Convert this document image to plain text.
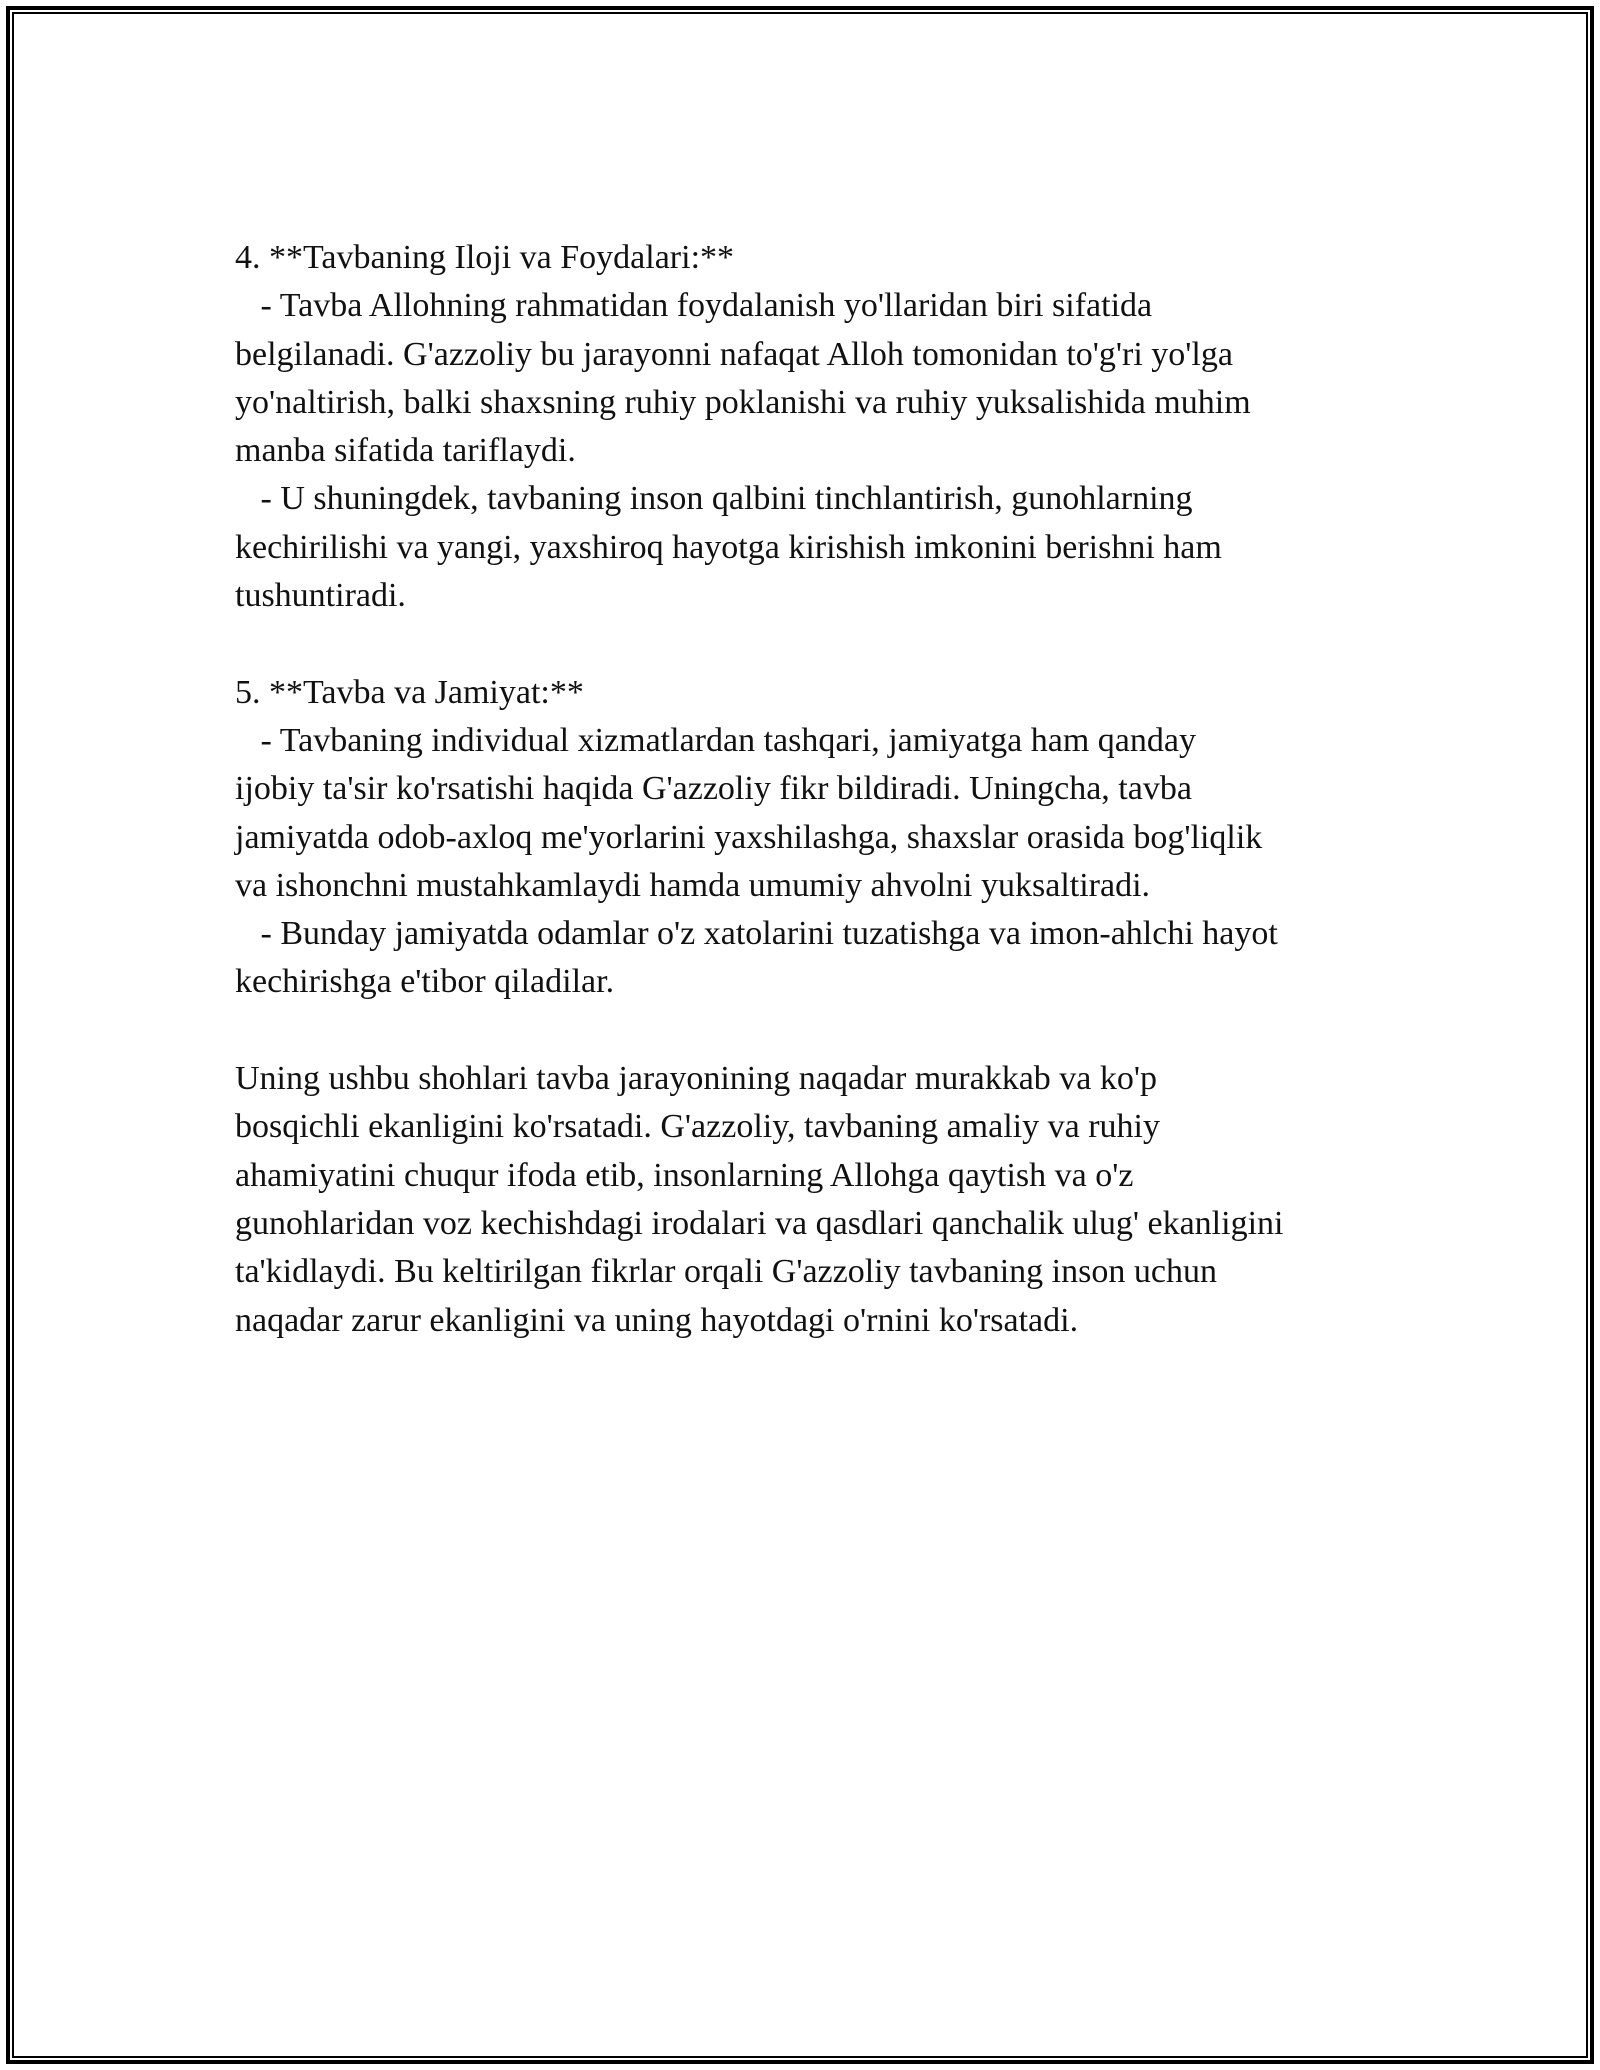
4. **Tavbaning Iloji va Foydalari:**
- Tavba Allohning rahmatidan foydalanish yo'llaridan biri sifatida
belgilanadi. G'azzoliy bu jarayonni nafaqat Alloh tomonidan to'g'ri yo'lga
yo'naltirish, balki shaxsning ruhiy poklanishi va ruhiy yuksalishida muhim
manba sifatida tariflaydi.
- U shuningdek, tavbaning inson qalbini tinchlantirish, gunohlarning
kechirilishi va yangi, yaxshiroq hayotga kirishish imkonini berishni ham
tushuntiradi.
5. **Tavba va Jamiyat:**
- Tavbaning individual xizmatlardan tashqari, jamiyatga ham qanday
ijobiy ta'sir ko'rsatishi haqida G'azzoliy fikr bildiradi. Uningcha, tavba
jamiyatda odob-axloq me'yorlarini yaxshilashga, shaxslar orasida bog'liqlik
va ishonchni mustahkamlaydi hamda umumiy ahvolni yuksaltiradi.
- Bunday jamiyatda odamlar o'z xatolarini tuzatishga va imon-ahlchi hayot
kechirishga e'tibor qiladilar.
Uning ushbu shohlari tavba jarayonining naqadar murakkab va ko'p
bosqichli ekanligini ko'rsatadi. G'azzoliy, tavbaning amaliy va ruhiy
ahamiyatini chuqur ifoda etib, insonlarning Allohga qaytish va o'z
gunohlaridan voz kechishdagi irodalari va qasdlari qanchalik ulug' ekanligini
ta'kidlaydi. Bu keltirilgan fikrlar orqali G'azzoliy tavbaning inson uchun
naqadar zarur ekanligini va uning hayotdagi o'rnini ko'rsatadi.
